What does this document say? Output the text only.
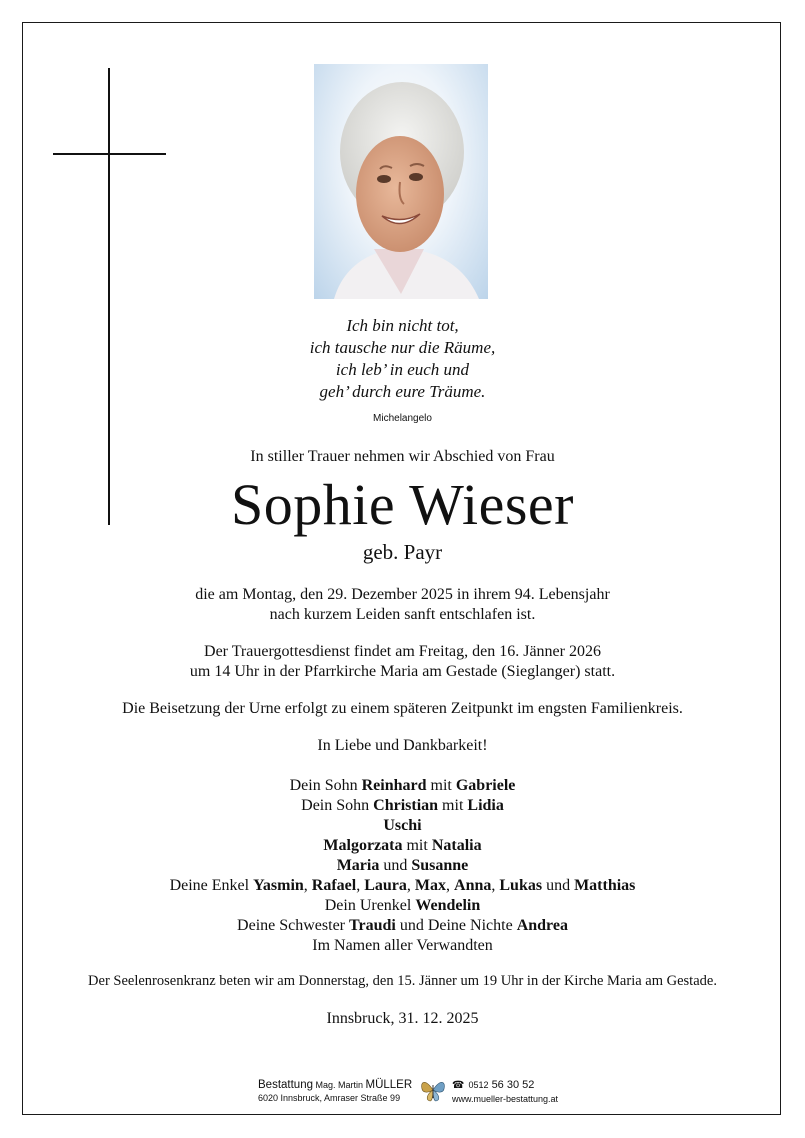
Ich bin nicht tot,
ich tausche nur die Räume,
ich leb’ in euch und
geh’ durch eure Träume.
Michelangelo
In stiller Trauer nehmen wir Abschied von Frau
Sophie Wieser
geb. Payr
die am Montag, den 29. Dezember 2025 in ihrem 94. Lebensjahr
nach kurzem Leiden sanft entschlafen ist.
Der Trauergottesdienst findet am Freitag, den 16. Jänner 2026
um 14 Uhr in der Pfarrkirche Maria am Gestade (Sieglanger) statt.
Die Beisetzung der Urne erfolgt zu einem späteren Zeitpunkt im engsten Familienkreis.
In Liebe und Dankbarkeit!
Dein Sohn Reinhard mit Gabriele
Dein Sohn Christian mit Lidia
Uschi
Malgorzata mit Natalia
Maria und Susanne
Deine Enkel Yasmin, Rafael, Laura, Max, Anna, Lukas und Matthias
Dein Urenkel Wendelin
Deine Schwester Traudi und Deine Nichte Andrea
Im Namen aller Verwandten
Der Seelenrosenkranz beten wir am Donnerstag, den 15. Jänner um 19 Uhr in der Kirche Maria am Gestade.
Innsbruck, 31. 12. 2025
Bestattung Mag. Martin MÜLLER
6020 Innsbruck, Amraser Straße 99
☎ 0512 56 30 52
www.mueller-bestattung.at
